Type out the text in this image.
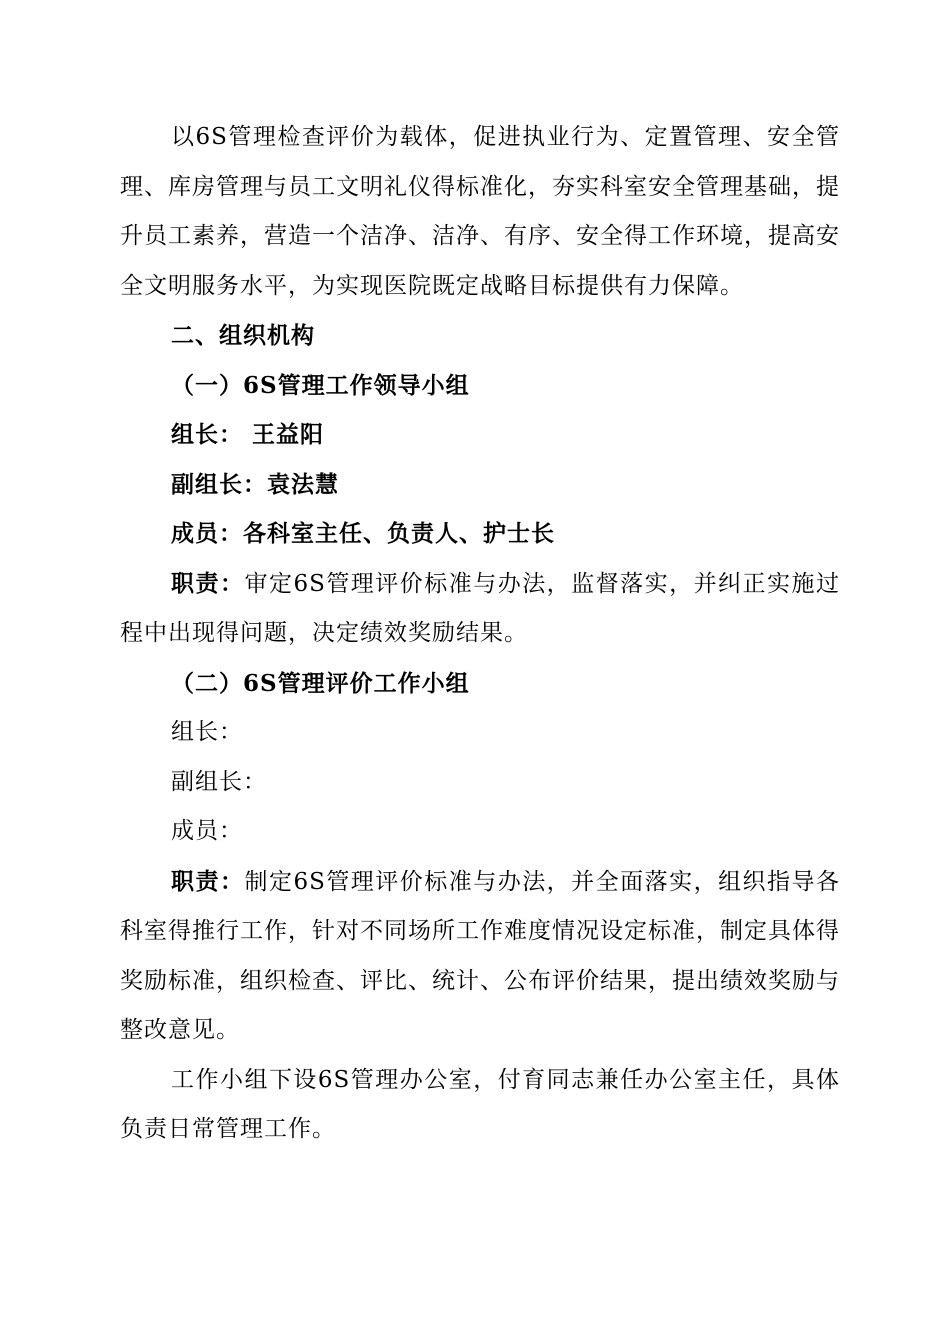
以6S管理检查评价为载体，促进执业行为、定置管理、安全管理、库房管理与员工文明礼仪得标准化，夯实科室安全管理基础，提升员工素养，营造一个洁净、洁净、有序、安全得工作环境，提高安全文明服务水平，为实现医院既定战略目标提供有力保障。

二、组织机构

（一）6S管理工作领导小组

组长： 王益阳

副组长：袁法慧

成员：各科室主任、负责人、护士长

职责：审定6S管理评价标准与办法，监督落实，并纠正实施过程中出现得问题，决定绩效奖励结果。

（二）6S管理评价工作小组

组长：

副组长：

成员：

职责：制定6S管理评价标准与办法，并全面落实，组织指导各科室得推行工作，针对不同场所工作难度情况设定标准，制定具体得奖励标准，组织检查、评比、统计、公布评价结果，提出绩效奖励与整改意见。

工作小组下设6S管理办公室，付育同志兼任办公室主任，具体负责日常管理工作。
